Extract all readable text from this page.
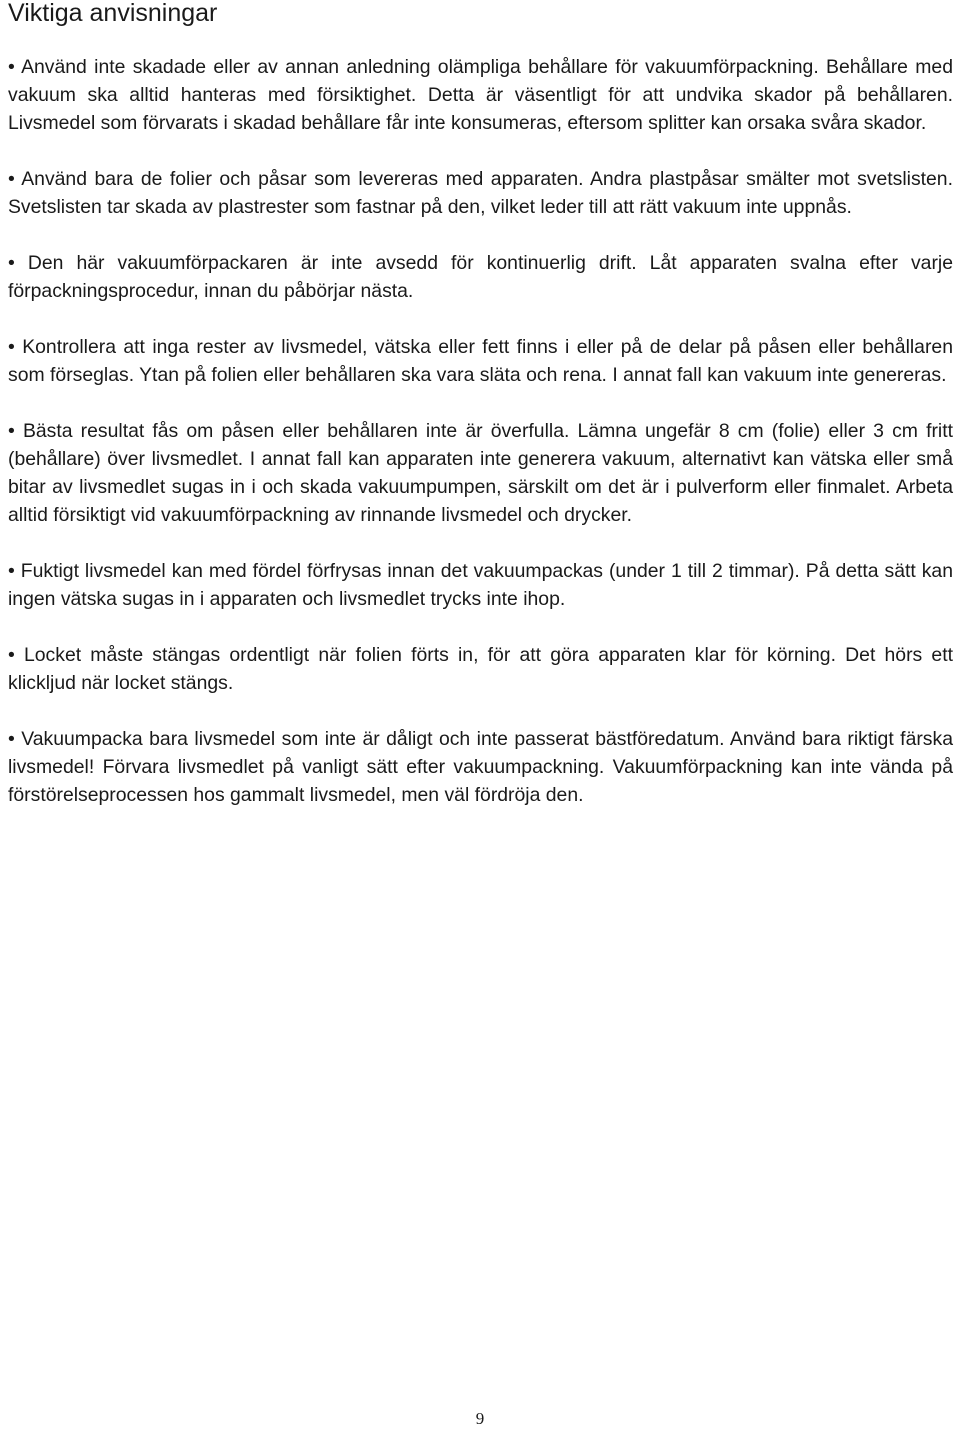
Viktiga anvisningar

• Använd inte skadade eller av annan anledning olämpliga behållare för vakuumförpackning. Behållare med vakuum ska alltid hanteras med försiktighet. Detta är väsentligt för att undvika skador på behållaren. Livsmedel som förvarats i skadad behållare får inte konsumeras, eftersom splitter kan orsaka svåra skador.

• Använd bara de folier och påsar som levereras med apparaten. Andra plastpåsar smälter mot svetslisten. Svetslisten tar skada av plastrester som fastnar på den, vilket leder till att rätt vakuum inte uppnås.

• Den här vakuumförpackaren är inte avsedd för kontinuerlig drift. Låt apparaten svalna efter varje förpackningsprocedur, innan du påbörjar nästa.

• Kontrollera att inga rester av livsmedel, vätska eller fett finns i eller på de delar på påsen eller behållaren som förseglas. Ytan på folien eller behållaren ska vara släta och rena. I annat fall kan vakuum inte genereras.

• Bästa resultat fås om påsen eller behållaren inte är överfulla. Lämna ungefär 8 cm (folie) eller 3 cm fritt (behållare) över livsmedlet. I annat fall kan apparaten inte generera vakuum, alternativt kan vätska eller små bitar av livsmedlet sugas in i och skada vakuumpumpen, särskilt om det är i pulverform eller finmalet. Arbeta alltid försiktigt vid vakuumförpackning av rinnande livsmedel och drycker.

• Fuktigt livsmedel kan med fördel förfrysas innan det vakuumpackas (under 1 till 2 timmar). På detta sätt kan ingen vätska sugas in i apparaten och livsmedlet trycks inte ihop.

• Locket måste stängas ordentligt när folien förts in, för att göra apparaten klar för körning. Det hörs ett klickljud när locket stängs.

• Vakuumpacka bara livsmedel som inte är dåligt och inte passerat bästföredatum. Använd bara riktigt färska livsmedel! Förvara livsmedlet på vanligt sätt efter vakuumpackning. Vakuumförpackning kan inte vända på förstörelseprocessen hos gammalt livsmedel, men väl fördröja den.

9
